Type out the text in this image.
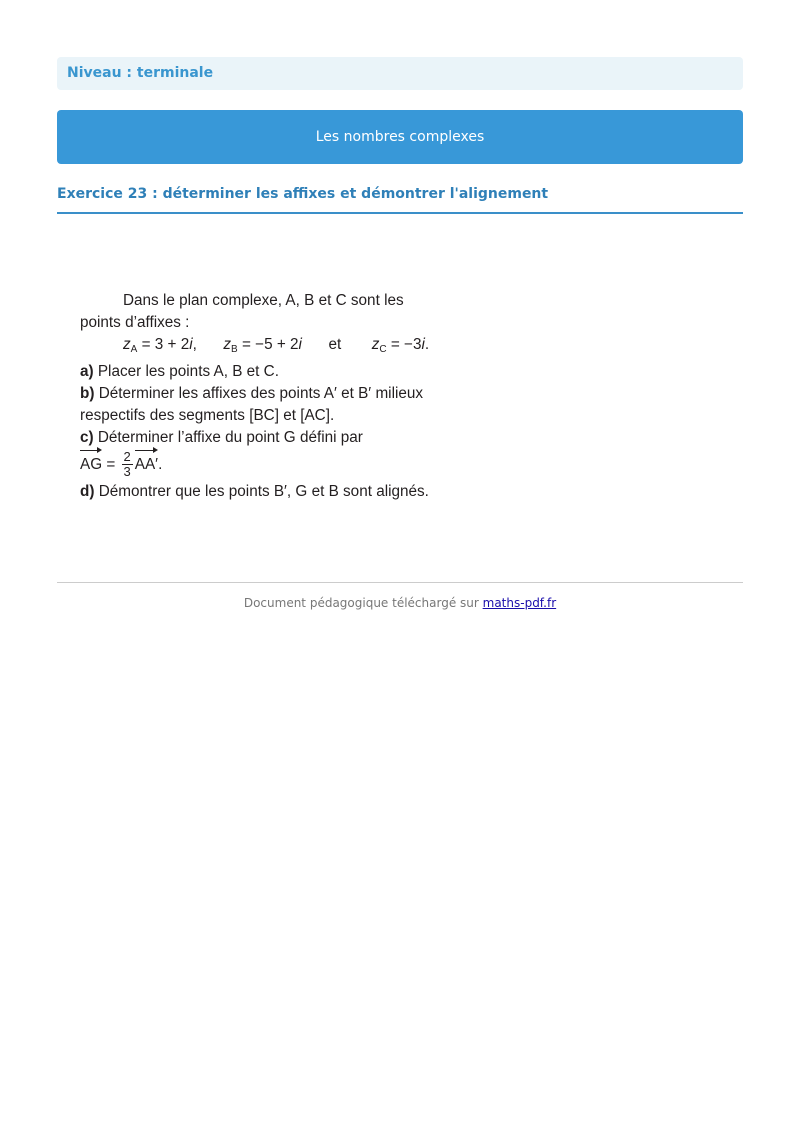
Niveau : terminale
Les nombres complexes
Exercice 23 : déterminer les affixes et démontrer l'alignement
Dans le plan complexe, A, B et C sont les
points d’affixes :
$z_A = 3 + 2i$, $z_B = -5 + 2i$ et $z_C = -3i$.
a) Placer les points A, B et C.
b) Déterminer les affixes des points A′ et B′ milieux
respectifs des segments [BC] et [AC].
c) Déterminer l’affixe du point G défini par
AG = $\frac{2}{3} AA'$.
d) Démontrer que les points B′, G et B sont alignés.
Document pédagogique téléchargé sur maths-pdf.fr
